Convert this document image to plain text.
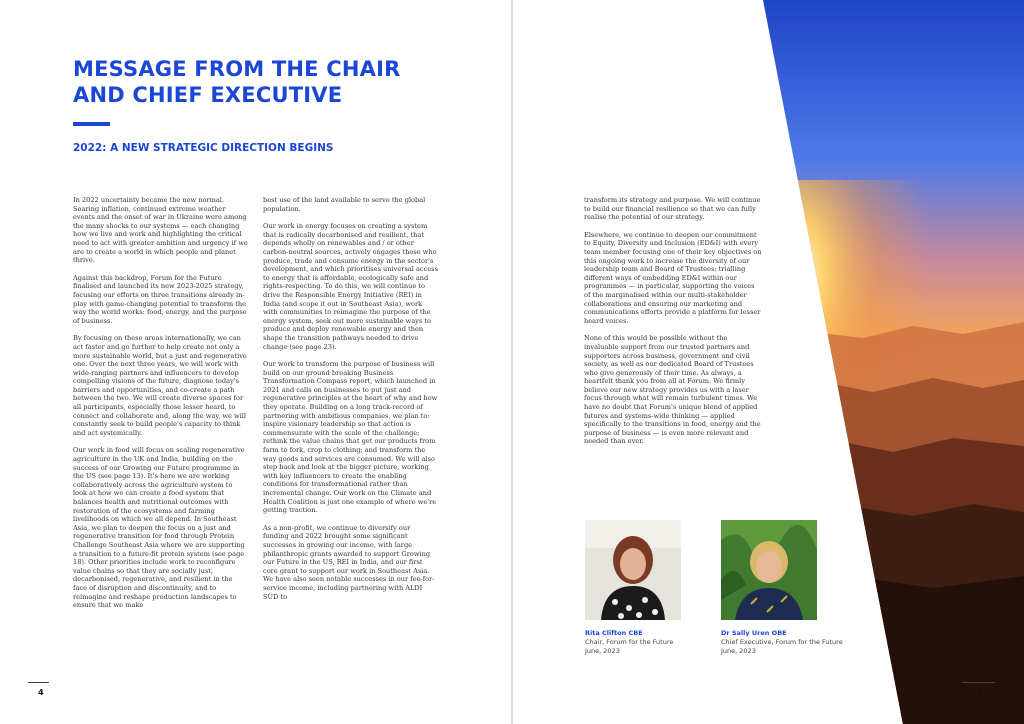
MESSAGE FROM THE CHAIR
AND CHIEF EXECUTIVE
2022: A NEW STRATEGIC DIRECTION BEGINS

In 2022 uncertainty became the new normal. Soaring inflation, continued extreme weather events and the onset of war in Ukraine were among the many shocks to our systems — each changing how we live and work and highlighting the critical need to act with greater ambition and urgency if we are to create a world in which people and planet thrive.

Against this backdrop, Forum for the Future finalised and launched its new 2023-2025 strategy, focusing our efforts on three transitions already in-play with game-changing potential to transform the way the world works: food, energy, and the purpose of business.

By focusing on these areas internationally, we can act faster and go further to help create not only a more sustainable world, but a just and regenerative one. Over the next three years, we will work with wide-ranging partners and influencers to develop compelling visions of the future, diagnose today's barriers and opportunities, and co-create a path between the two. We will create diverse spaces for all participants, especially those lesser heard, to connect and collaborate and, along the way, we will constantly seek to build people's capacity to think and act systemically.

Our work in food will focus on scaling regenerative agriculture in the UK and India, building on the success of our Growing our Future programme in the US (see page 13). It's here we are working collaboratively across the agriculture system to look at how we can create a food system that balances health and nutritional outcomes with restoration of the ecosystems and farming livelihoods on which we all depend. In Southeast Asia, we plan to deepen the focus on a just and regenerative transition for food through Protein Challenge Southeast Asia where we are supporting a transition to a future-fit protein system (see page 18). Other priorities include work to reconfigure value chains so that they are socially just, decarbonised, regenerative, and resilient in the face of disruption and discontinuity, and to reimagine and reshape production landscapes to ensure that we make

best use of the land available to serve the global population.

Our work in energy focuses on creating a system that is radically decarbonised and resilient, that depends wholly on renewables and / or other carbon-neutral sources, actively engages those who produce, trade and consume energy in the sector's development, and which prioritises universal access to energy that is affordable, ecologically safe and rights-respecting. To do this, we will continue to drive the Responsible Energy Initiative (REI) in India (and scope it out in Southeast Asia), work with communities to reimagine the purpose of the energy system, seek out more sustainable ways to produce and deploy renewable energy and then shape the transition pathways needed to drive change (see page 23).

Our work to transform the purpose of business will build on our ground breaking Business Transformation Compass report, which launched in 2021 and calls on businesses to put just and regenerative principles at the heart of why and how they operate. Building on a long track-record of partnering with ambitious companies, we plan to: inspire visionary leadership so that action is commensurate with the scale of the challenge; rethink the value chains that get our products from farm to fork, crop to clothing; and transform the way goods and services are consumed. We will also step back and look at the bigger picture, working with key influencers to create the enabling conditions for transformational rather than incremental change. Our work on the Climate and Health Coalition is just one example of where we're getting traction.

As a non-profit, we continue to diversify our funding and 2022 brought some significant successes in growing our income, with large philanthropic grants awarded to support Growing our Future in the US, REI in India, and our first core grant to support our work in Southeast Asia. We have also seen notable successes in our fee-for-service income, including partnering with ALDI SÜD to

4

transform its strategy and purpose. We will continue to build our financial resilience so that we can fully realise the potential of our strategy.

Elsewhere, we continue to deepen our commitment to Equity, Diversity and Inclusion (ED&I) with every team member focusing one of their key objectives on this ongoing work to increase the diversity of our leadership team and Board of Trustees; trialling different ways of embedding ED&I within our programmes — in particular, supporting the voices of the marginalised within our multi-stakeholder collaborations and ensuring our marketing and communications efforts provide a platform for lesser heard voices.

None of this would be possible without the invaluable support from our trusted partners and supporters across business, government and civil society, as well as our dedicated Board of Trustees who give generously of their time. As always, a heartfelt thank you from all at Forum. We firmly believe our new strategy provides us with a laser focus through what will remain turbulent times. We have no doubt that Forum's unique blend of applied futures and systems-wide thinking — applied specifically to the transitions in food, energy and the purpose of business — is even more relevant and needed than ever.

Rita Clifton CBE
Chair, Forum for the Future
June, 2023
Dr Sally Uren OBE
Chief Executive, Forum for the Future
June, 2023
5
